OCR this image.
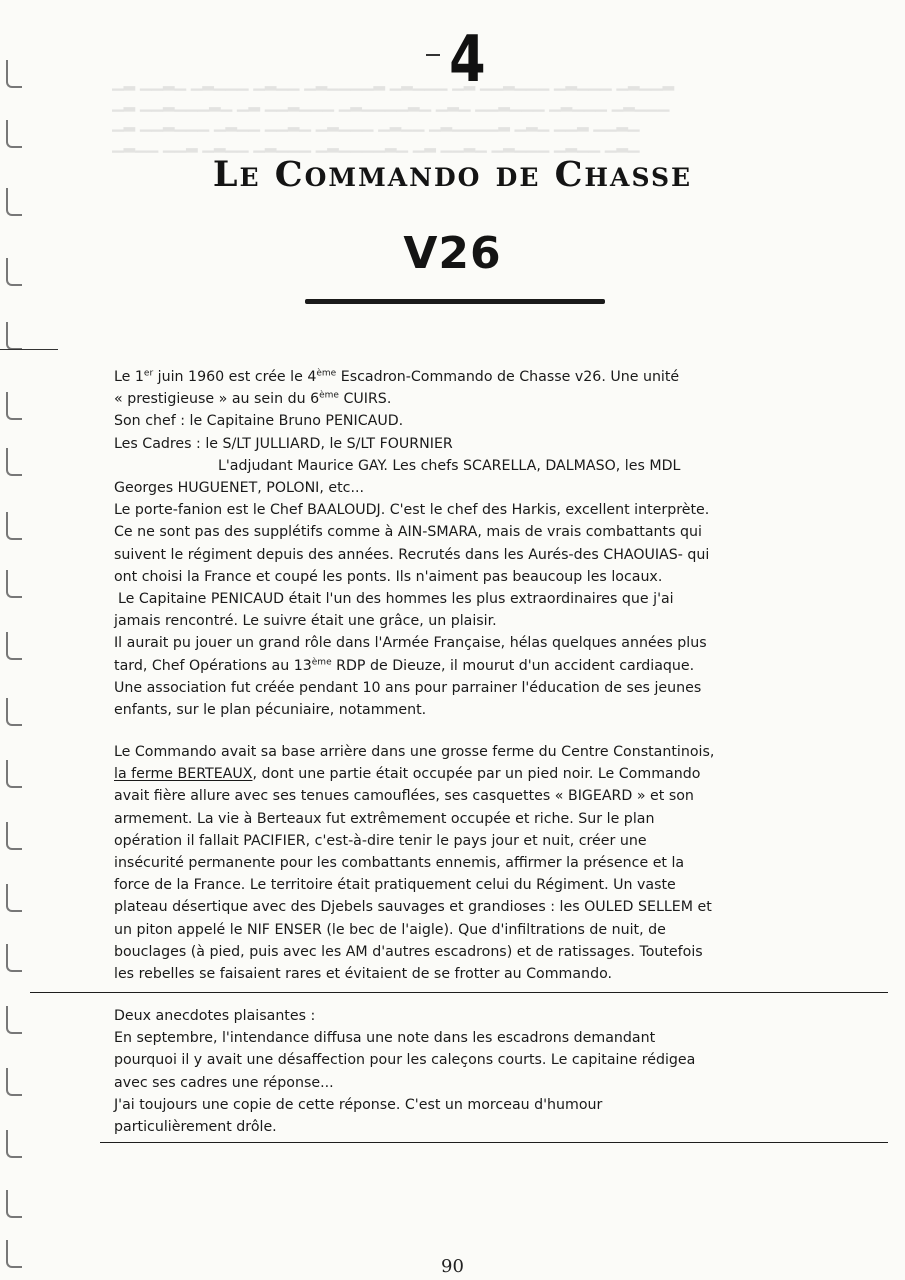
▁▂ ▁▁▂▁ ▁▂▁▁▁ ▁▂▁▁ ▁▂▁▁▁▁▂ ▁▂▁▁▁ ▁▂ ▁▁▂▁▁▁ ▁▂▁▁▁ ▁▂▁▁▂
▁▂ ▁▁▂▁▁▁▂▁ ▁▂ ▁▁▂▁▁▁ ▁▂▁▁▁▁▂▁ ▁▂▁ ▁▁▂▁▁▁ ▁▂▁▁▁ ▁▂▁▁▁
▁▂ ▁▁▂▁▁▁ ▁▂▁▁ ▁▁▂▁ ▁▂▁▁▁ ▁▂▁▁ ▁▂▁▁▁▁▂ ▁▂▁ ▁▁▂ ▁▁▂▁
▁▂▁▁ ▁▁▂ ▁▂▁▁ ▁▂▁▁▁ ▁▂▁▁▁▁▂▁ ▁▂ ▁▁▂▁ ▁▂▁▁▁ ▁▂▁▁ ▁▂▁
4
Le Commando de Chasse
V26

Le 1er juin 1960 est crée le 4ème Escadron-Commando de Chasse v26. Une unité

« prestigieuse » au sein du 6ème CUIRS.

Son chef : le Capitaine Bruno PENICAUD.

Les Cadres : le S/LT JULLIARD, le S/LT FOURNIER

L'adjudant Maurice GAY. Les chefs SCARELLA, DALMASO, les MDL

Georges HUGUENET, POLONI, etc...

Le porte-fanion est le Chef BAALOUDJ. C'est le chef des Harkis, excellent interprète.

Ce ne sont pas des supplétifs comme à AIN-SMARA, mais de vrais combattants qui

suivent le régiment depuis des années. Recrutés dans les Aurés-des CHAOUIAS- qui

ont choisi la France et coupé les ponts. Ils n'aiment pas beaucoup les locaux.

Le Capitaine PENICAUD était l'un des hommes les plus extraordinaires que j'ai

jamais rencontré. Le suivre était une grâce, un plaisir.

Il aurait pu jouer un grand rôle dans l'Armée Française, hélas quelques années plus

tard, Chef Opérations au 13ème RDP de Dieuze, il mourut d'un accident cardiaque.

Une association fut créée pendant 10 ans pour parrainer l'éducation de ses jeunes

enfants, sur le plan pécuniaire, notamment.

Le Commando avait sa base arrière dans une grosse ferme du Centre Constantinois,

la ferme BERTEAUX, dont une partie était occupée par un pied noir. Le Commando

avait fière allure avec ses tenues camouflées, ses casquettes « BIGEARD » et son

armement. La vie à Berteaux fut extrêmement occupée et riche. Sur le plan

opération il fallait PACIFIER, c'est-à-dire tenir le pays jour et nuit, créer une

insécurité permanente pour les combattants ennemis, affirmer la présence et la

force de la France. Le territoire était pratiquement celui du Régiment. Un vaste

plateau désertique avec des Djebels sauvages et grandioses : les OULED SELLEM et

un piton appelé le NIF ENSER (le bec de l'aigle). Que d'infiltrations de nuit, de

bouclages (à pied, puis avec les AM d'autres escadrons) et de ratissages. Toutefois

les rebelles se faisaient rares et évitaient de se frotter au Commando.

Deux anecdotes plaisantes :

En septembre, l'intendance diffusa une note dans les escadrons demandant

pourquoi il y avait une désaffection pour les caleçons courts. Le capitaine rédigea

avec ses cadres une réponse...

J'ai toujours une copie de cette réponse. C'est un morceau d'humour

particulièrement drôle.

90
